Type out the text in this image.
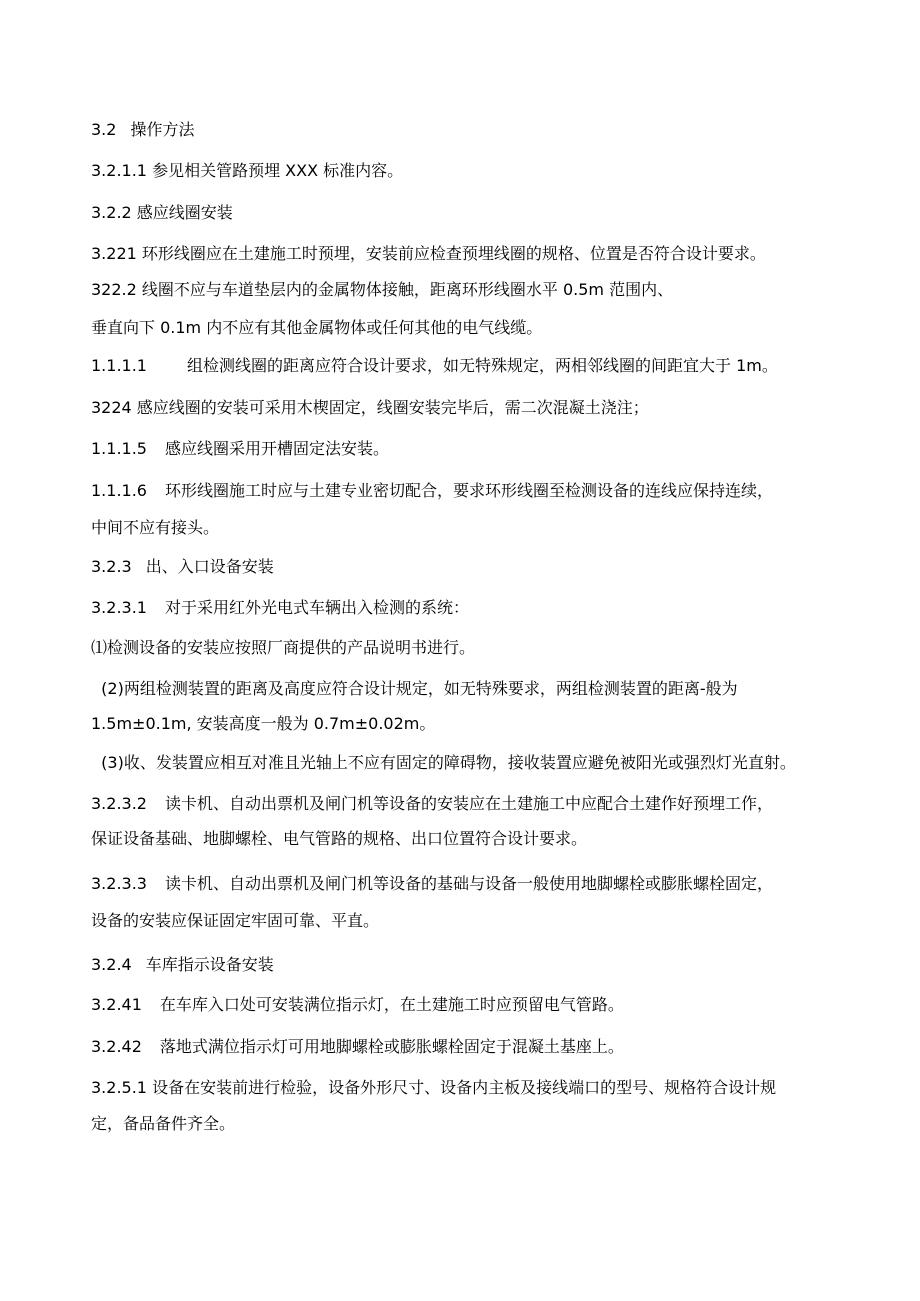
3.2 操作方法
3.2.1.1 参见相关管路预埋 XXX 标准内容。
3.2.2 感应线圈安装
3.221 环形线圈应在土建施工时预埋，安装前应检查预埋线圈的规格、位置是否符合设计要求。
322.2 线圈不应与车道垫层内的金属物体接触，距离环形线圈水平 0.5m 范围内、
垂直向下 0.1m 内不应有其他金属物体或任何其他的电气线缆。
1.1.1.1	组检测线圈的距离应符合设计要求，如无特殊规定，两相邻线圈的间距宜大于 1m。
3224 感应线圈的安装可采用木楔固定，线圈安装完毕后，需二次混凝土浇注；
1.1.1.5 感应线圈采用开槽固定法安装。
1.1.1.6 环形线圈施工时应与土建专业密切配合，要求环形线圈至检测设备的连线应保持连续，
中间不应有接头。
3.2.3 出、入口设备安装
3.2.3.1 对于采用红外光电式车辆出入检测的系统：
⑴检测设备的安装应按照厂商提供的产品说明书进行。
(2)两组检测装置的距离及高度应符合设计规定，如无特殊要求，两组检测装置的距离-般为
1.5m±0.1m, 安装高度一般为 0.7m±0.02m。
(3)收、发装置应相互对准且光轴上不应有固定的障碍物，接收装置应避免被阳光或强烈灯光直射。
3.2.3.2 读卡机、自动出票机及闸门机等设备的安装应在土建施工中应配合土建作好预埋工作，
保证设备基础、地脚螺栓、电气管路的规格、出口位置符合设计要求。
3.2.3.3 读卡机、自动出票机及闸门机等设备的基础与设备一般使用地脚螺栓或膨胀螺栓固定，
设备的安装应保证固定牢固可靠、平直。
3.2.4 车库指示设备安装
3.2.41 在车库入口处可安装满位指示灯，在土建施工时应预留电气管路。
3.2.42 落地式满位指示灯可用地脚螺栓或膨胀螺栓固定于混凝土基座上。
3.2.5.1 设备在安装前进行检验，设备外形尺寸、设备内主板及接线端口的型号、规格符合设计规
定，备品备件齐全。
